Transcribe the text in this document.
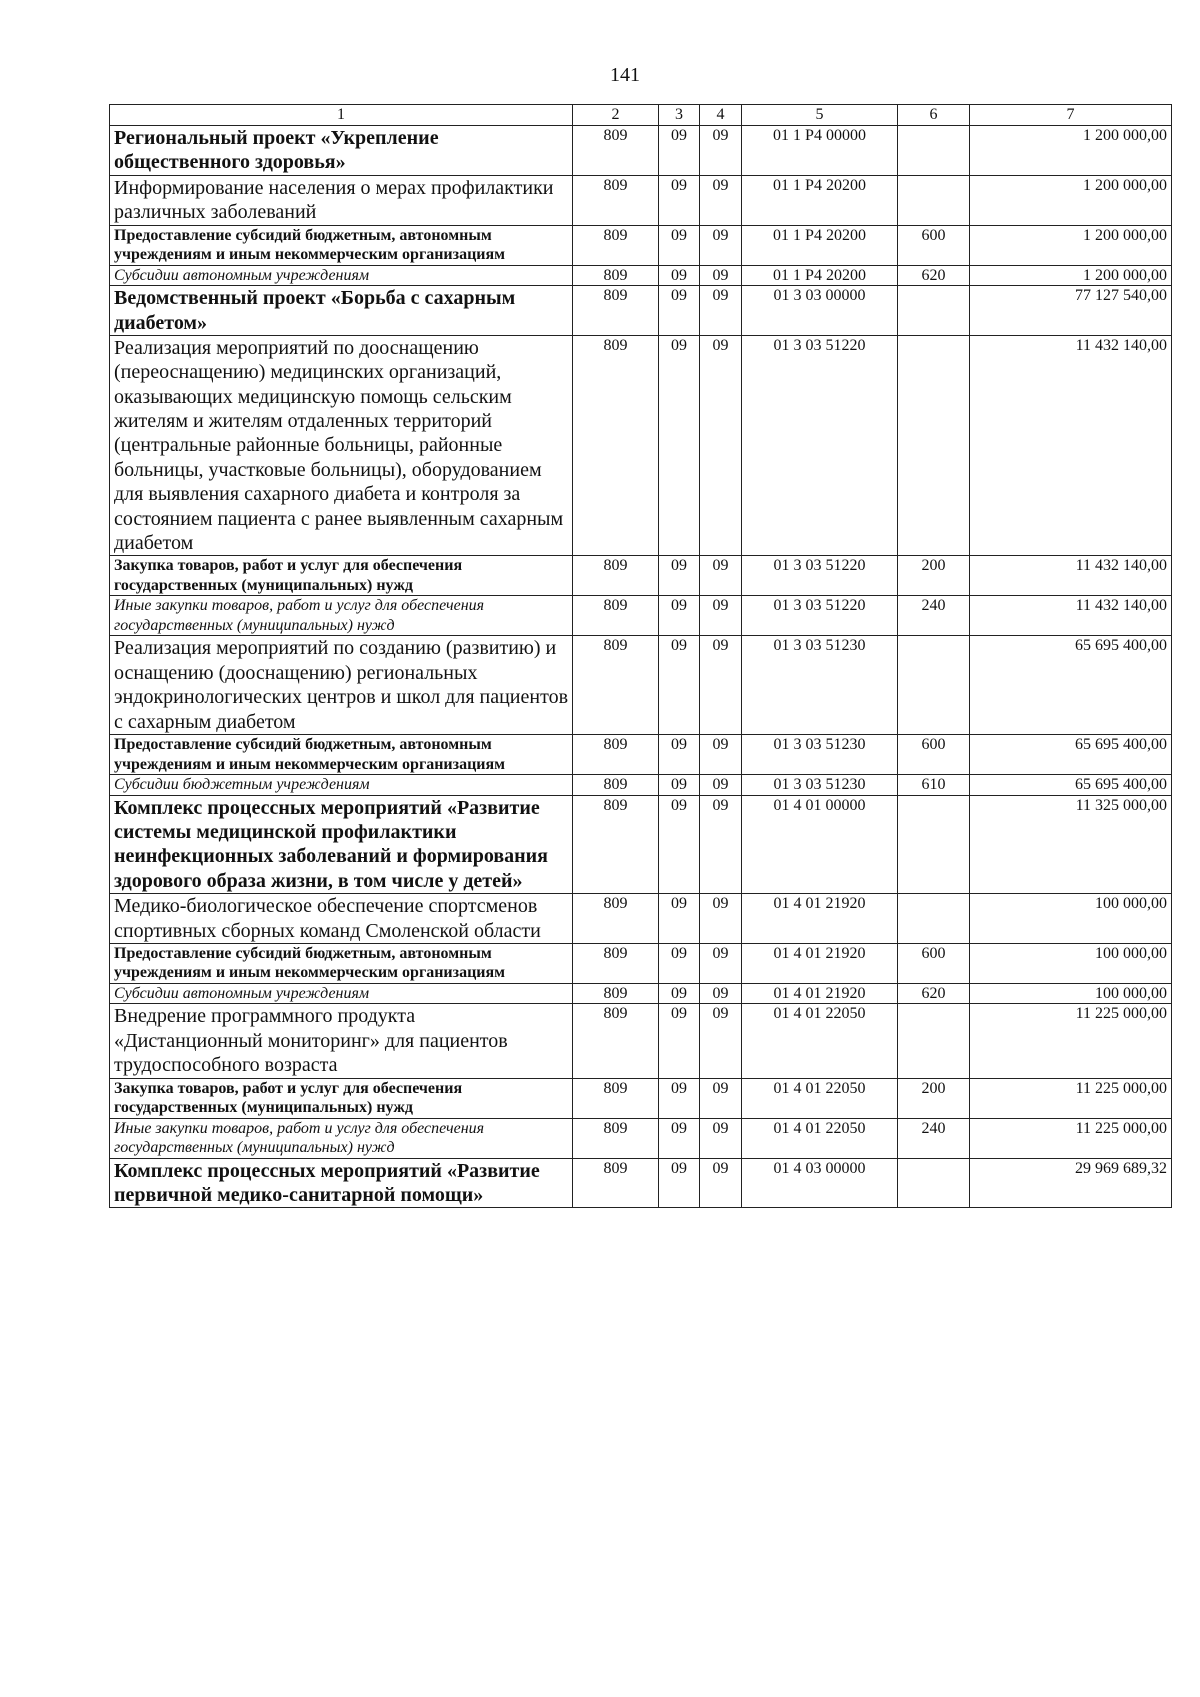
141
1	2	3	4	5	6	7
Региональный проект «Укрепление общественного здоровья»	809	09	09	01 1 Р4 00000		1 200 000,00
Информирование населения о мерах профилактики различных заболеваний	809	09	09	01 1 Р4 20200		1 200 000,00
Предоставление субсидий бюджетным, автономным учреждениям и иным некоммерческим организациям	809	09	09	01 1 Р4 20200	600	1 200 000,00
Субсидии автономным учреждениям	809	09	09	01 1 Р4 20200	620	1 200 000,00
Ведомственный проект «Борьба с сахарным диабетом»	809	09	09	01 3 03 00000		77 127 540,00
Реализация мероприятий по дооснащению (переоснащению) медицинских организаций, оказывающих медицинскую помощь сельским жителям и жителям отдаленных территорий (центральные районные больницы, районные больницы, участковые больницы), оборудованием для выявления сахарного диабета и контроля за состоянием пациента с ранее выявленным сахарным диабетом	809	09	09	01 3 03 51220		11 432 140,00
Закупка товаров, работ и услуг для обеспечения государственных (муниципальных) нужд	809	09	09	01 3 03 51220	200	11 432 140,00
Иные закупки товаров, работ и услуг для обеспечения государственных (муниципальных) нужд	809	09	09	01 3 03 51220	240	11 432 140,00
Реализация мероприятий по созданию (развитию) и оснащению (дооснащению) региональных эндокринологических центров и школ для пациентов с сахарным диабетом	809	09	09	01 3 03 51230		65 695 400,00
Предоставление субсидий бюджетным, автономным учреждениям и иным некоммерческим организациям	809	09	09	01 3 03 51230	600	65 695 400,00
Субсидии бюджетным учреждениям	809	09	09	01 3 03 51230	610	65 695 400,00
Комплекс процессных мероприятий «Развитие системы медицинской профилактики неинфекционных заболеваний и формирования здорового образа жизни, в том числе у детей»	809	09	09	01 4 01 00000		11 325 000,00
Медико-биологическое обеспечение спортсменов спортивных сборных команд Смоленской области	809	09	09	01 4 01 21920		100 000,00
Предоставление субсидий бюджетным, автономным учреждениям и иным некоммерческим организациям	809	09	09	01 4 01 21920	600	100 000,00
Субсидии автономным учреждениям	809	09	09	01 4 01 21920	620	100 000,00
Внедрение программного продукта «Дистанционный мониторинг» для пациентов трудоспособного возраста	809	09	09	01 4 01 22050		11 225 000,00
Закупка товаров, работ и услуг для обеспечения государственных (муниципальных) нужд	809	09	09	01 4 01 22050	200	11 225 000,00
Иные закупки товаров, работ и услуг для обеспечения государственных (муниципальных) нужд	809	09	09	01 4 01 22050	240	11 225 000,00
Комплекс процессных мероприятий «Развитие первичной медико-санитарной помощи»	809	09	09	01 4 03 00000		29 969 689,32
